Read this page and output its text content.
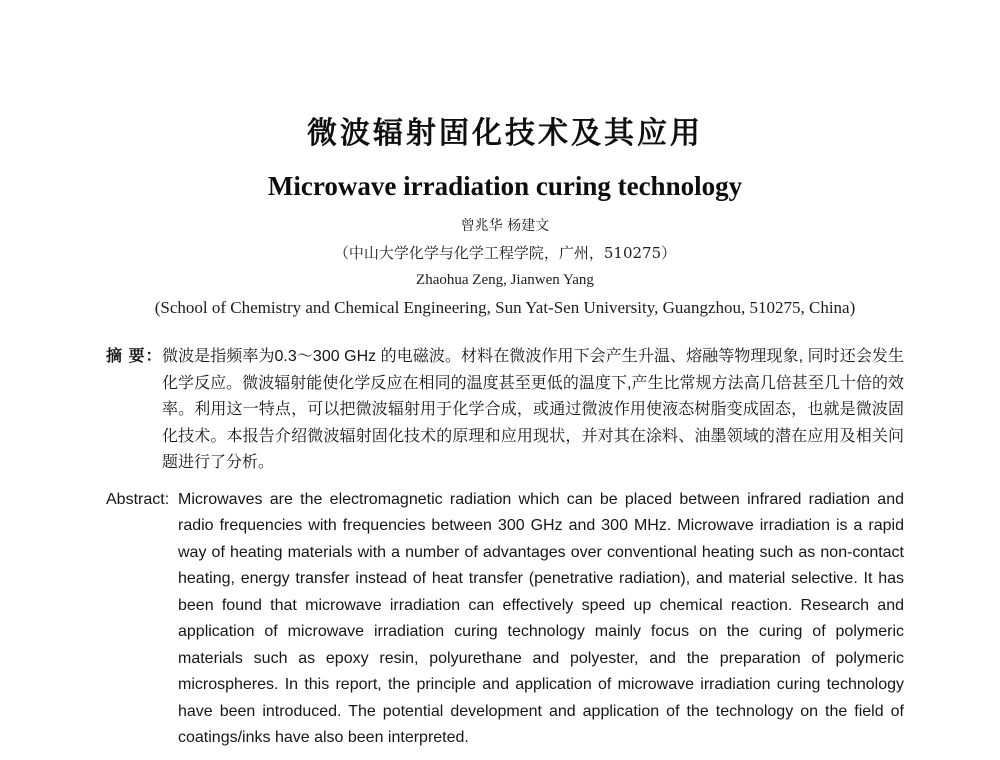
微波辐射固化技术及其应用
Microwave irradiation curing technology
曾兆华 杨建文
（中山大学化学与化学工程学院，广州，510275）
Zhaohua Zeng, Jianwen Yang
(School of Chemistry and Chemical Engineering, Sun Yat-Sen University, Guangzhou, 510275, China)
摘 要： 微波是指频率为0.3～300 GHz 的电磁波。材料在微波作用下会产生升温、熔融等物理现象, 同时还会发生化学反应。微波辐射能使化学反应在相同的温度甚至更低的温度下,产生比常规方法高几倍甚至几十倍的效率。利用这一特点，可以把微波辐射用于化学合成，或通过微波作用使液态树脂变成固态，也就是微波固化技术。本报告介绍微波辐射固化技术的原理和应用现状，并对其在涂料、油墨领域的潜在应用及相关问题进行了分析。
Abstract: Microwaves are the electromagnetic radiation which can be placed between infrared radiation and radio frequencies with frequencies between 300 GHz and 300 MHz. Microwave irradiation is a rapid way of heating materials with a number of advantages over conventional heating such as non-contact heating, energy transfer instead of heat transfer (penetrative radiation), and material selective. It has been found that microwave irradiation can effectively speed up chemical reaction. Research and application of microwave irradiation curing technology mainly focus on the curing of polymeric materials such as epoxy resin, polyurethane and polyester, and the preparation of polymeric microspheres. In this report, the principle and application of microwave irradiation curing technology have been introduced. The potential development and application of the technology on the field of coatings/inks have also been interpreted.
